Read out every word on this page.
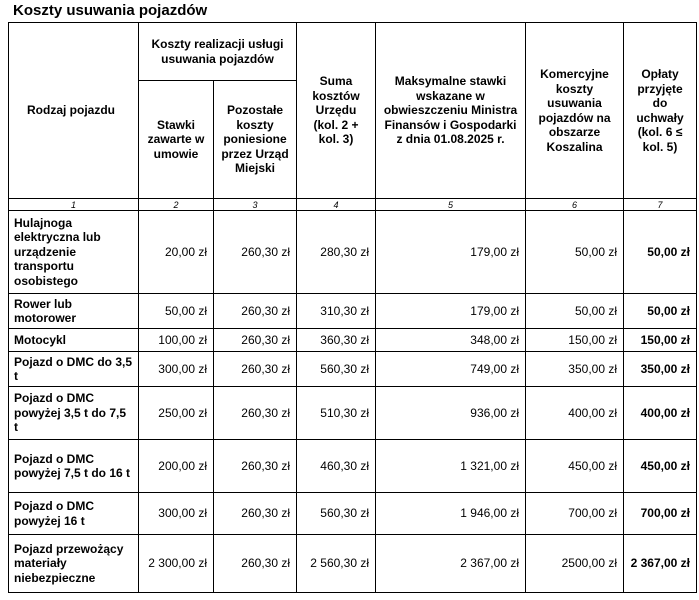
Koszty usuwania pojazdów
Rodzaj pojazdu	Koszty realizacji usługi usuwania pojazdów		Suma kosztów Urzędu (kol. 2 + kol. 3)	Maksymalne stawki wskazane w obwieszczeniu Ministra Finansów i Gospodarki z dnia 01.08.2025 r.	Komercyjne koszty usuwania pojazdów na obszarze Koszalina	Opłaty przyjęte do uchwały (kol. 6 ≤ kol. 5)
	Stawki zawarte w umowie	Pozostałe koszty poniesione przez Urząd Miejski				
1	2	3	4	5	6	7
Hulajnoga elektryczna lub urządzenie transportu osobistego	20,00 zł	260,30 zł	280,30 zł	179,00 zł	50,00 zł	50,00 zł
Rower lub motorower	50,00 zł	260,30 zł	310,30 zł	179,00 zł	50,00 zł	50,00 zł
Motocykl	100,00 zł	260,30 zł	360,30 zł	348,00 zł	150,00 zł	150,00 zł
Pojazd o DMC do 3,5 t	300,00 zł	260,30 zł	560,30 zł	749,00 zł	350,00 zł	350,00 zł
Pojazd o DMC powyżej 3,5 t do 7,5 t	250,00 zł	260,30 zł	510,30 zł	936,00 zł	400,00 zł	400,00 zł
Pojazd o DMC powyżej 7,5 t do 16 t	200,00 zł	260,30 zł	460,30 zł	1 321,00 zł	450,00 zł	450,00 zł
Pojazd o DMC powyżej 16 t	300,00 zł	260,30 zł	560,30 zł	1 946,00 zł	700,00 zł	700,00 zł
Pojazd przewożący materiały niebezpieczne	2 300,00 zł	260,30 zł	2 560,30 zł	2 367,00 zł	2500,00 zł	2 367,00 zł
